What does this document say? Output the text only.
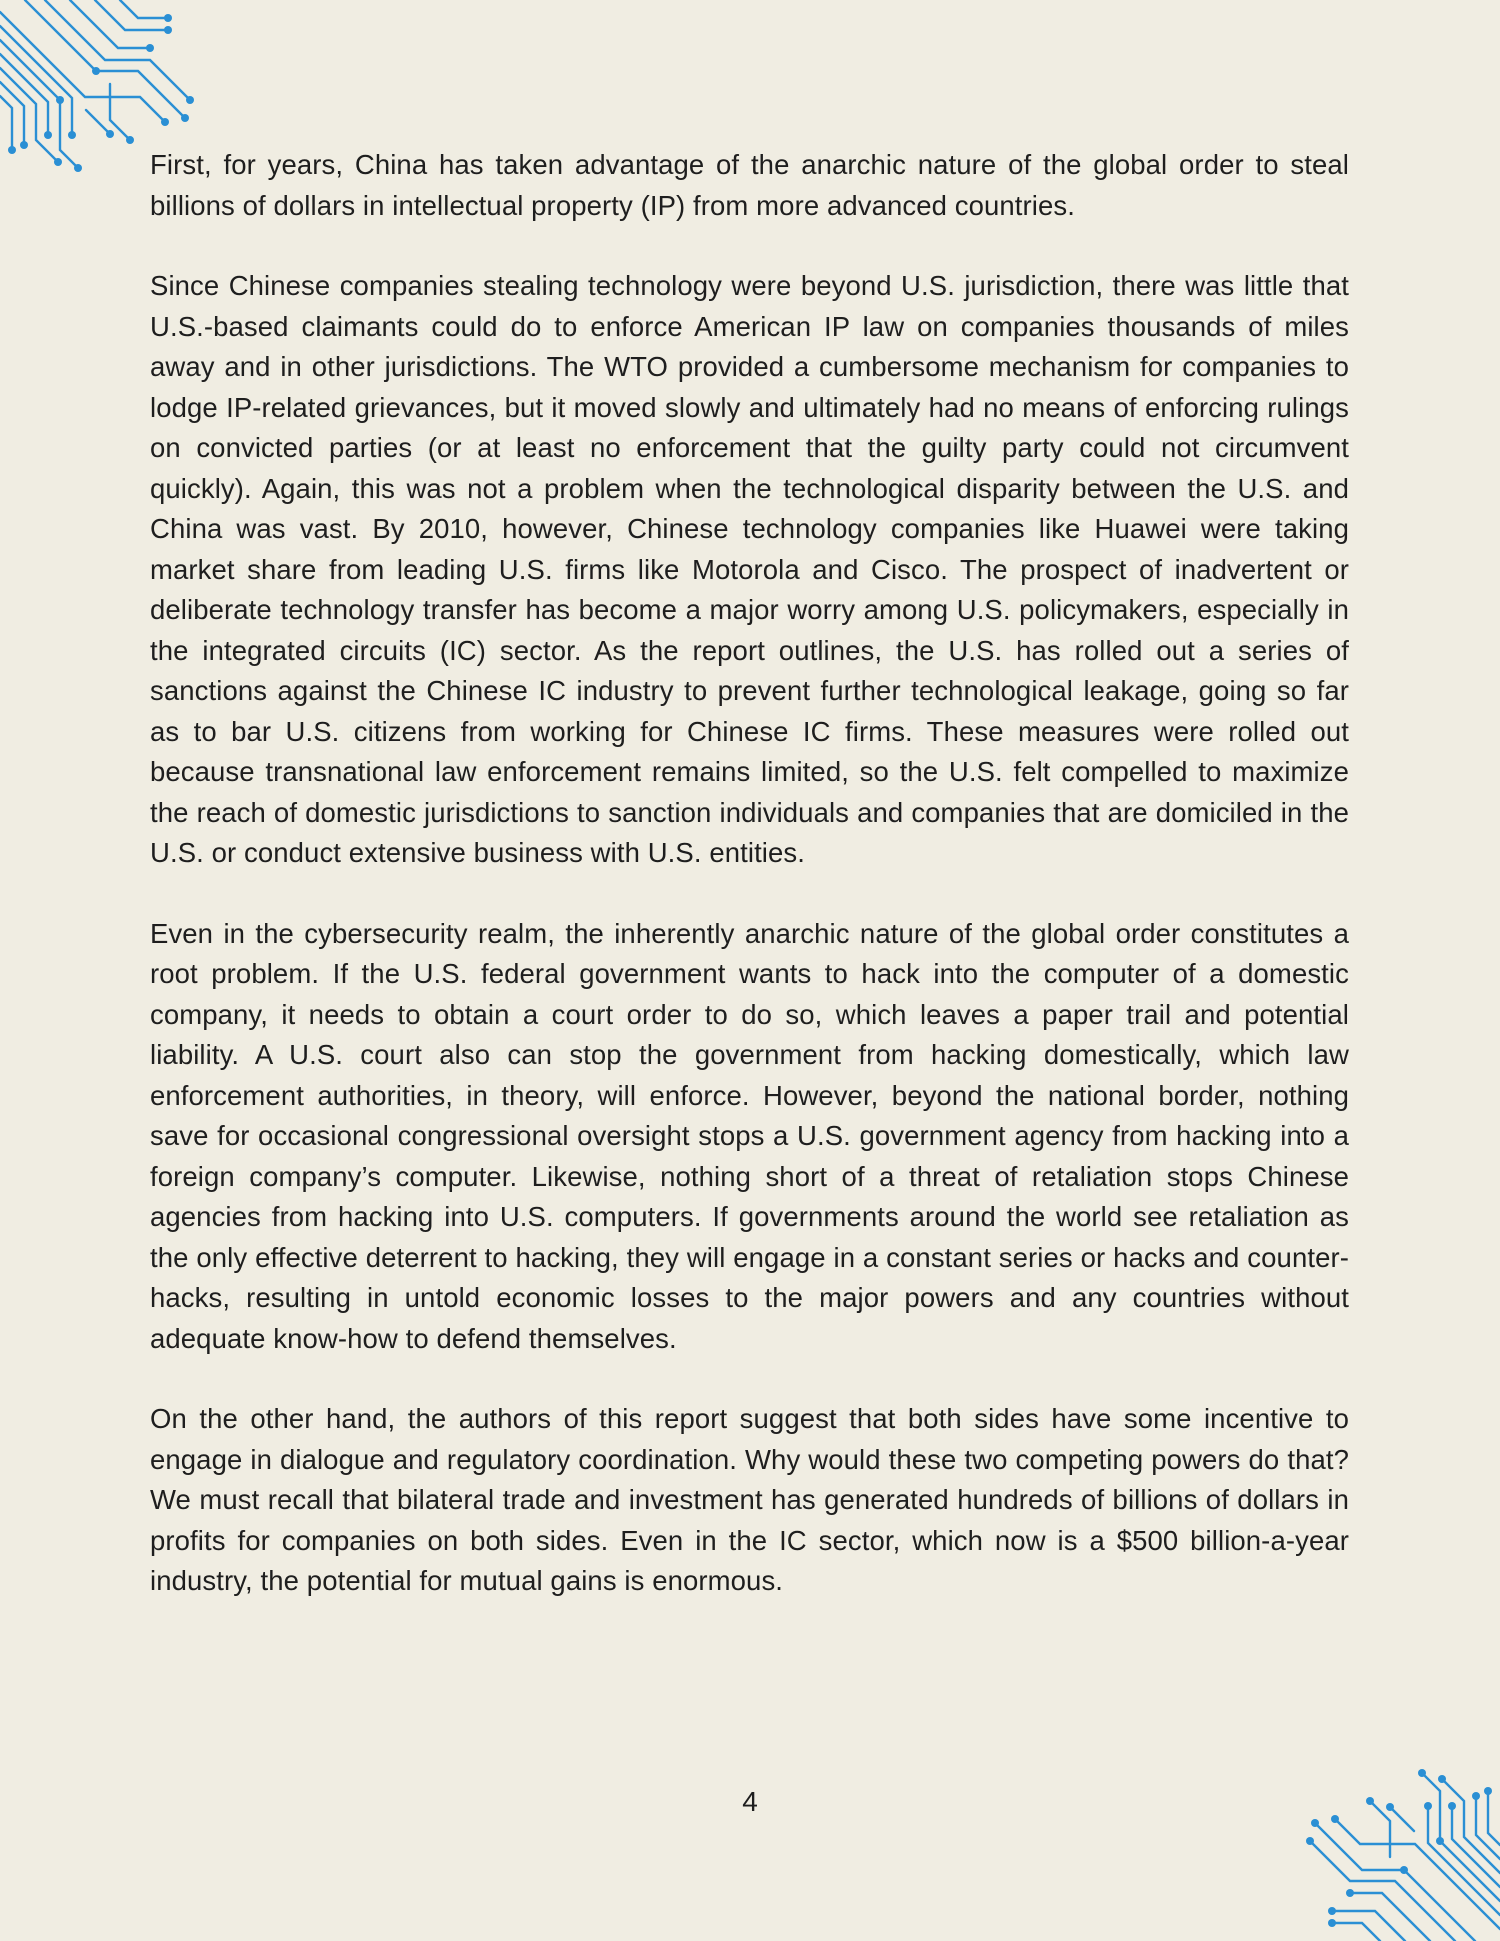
First, for years, China has taken advantage of the anarchic nature of the global order to steal billions of dollars in intellectual property (IP) from more advanced countries.

Since Chinese companies stealing technology were beyond U.S. jurisdiction, there was little that U.S.-based claimants could do to enforce American IP law on companies thousands of miles away and in other jurisdictions. The WTO provided a cumbersome mechanism for companies to lodge IP-related grievances, but it moved slowly and ultimately had no means of enforcing rulings on convicted parties (or at least no enforcement that the guilty party could not circumvent quickly). Again, this was not a problem when the technological disparity between the U.S. and China was vast. By 2010, however, Chinese technology companies like Huawei were taking market share from leading U.S. firms like Motorola and Cisco. The prospect of inadvertent or deliberate technology transfer has become a major worry among U.S. policymakers, especially in the integrated circuits (IC) sector. As the report outlines, the U.S. has rolled out a series of sanctions against the Chinese IC industry to prevent further technological leakage, going so far as to bar U.S. citizens from working for Chinese IC firms. These measures were rolled out because transnational law enforcement remains limited, so the U.S. felt compelled to maximize the reach of domestic jurisdictions to sanction individuals and companies that are domiciled in the U.S. or conduct extensive business with U.S. entities.

Even in the cybersecurity realm, the inherently anarchic nature of the global order constitutes a root problem. If the U.S. federal government wants to hack into the computer of a domestic company, it needs to obtain a court order to do so, which leaves a paper trail and potential liability. A U.S. court also can stop the government from hacking domestically, which law enforcement authorities, in theory, will enforce. However, beyond the national border, nothing save for occasional congressional oversight stops a U.S. government agency from hacking into a foreign company’s computer. Likewise, nothing short of a threat of retaliation stops Chinese agencies from hacking into U.S. computers. If governments around the world see retaliation as the only effective deterrent to hacking, they will engage in a constant series or hacks and counter-hacks, resulting in untold economic losses to the major powers and any countries without adequate know-how to defend themselves.

On the other hand, the authors of this report suggest that both sides have some incentive to engage in dialogue and regulatory coordination. Why would these two competing powers do that? We must recall that bilateral trade and investment has generated hundreds of billions of dollars in profits for companies on both sides. Even in the IC sector, which now is a $500 billion-a-year industry, the potential for mutual gains is enormous.

4
